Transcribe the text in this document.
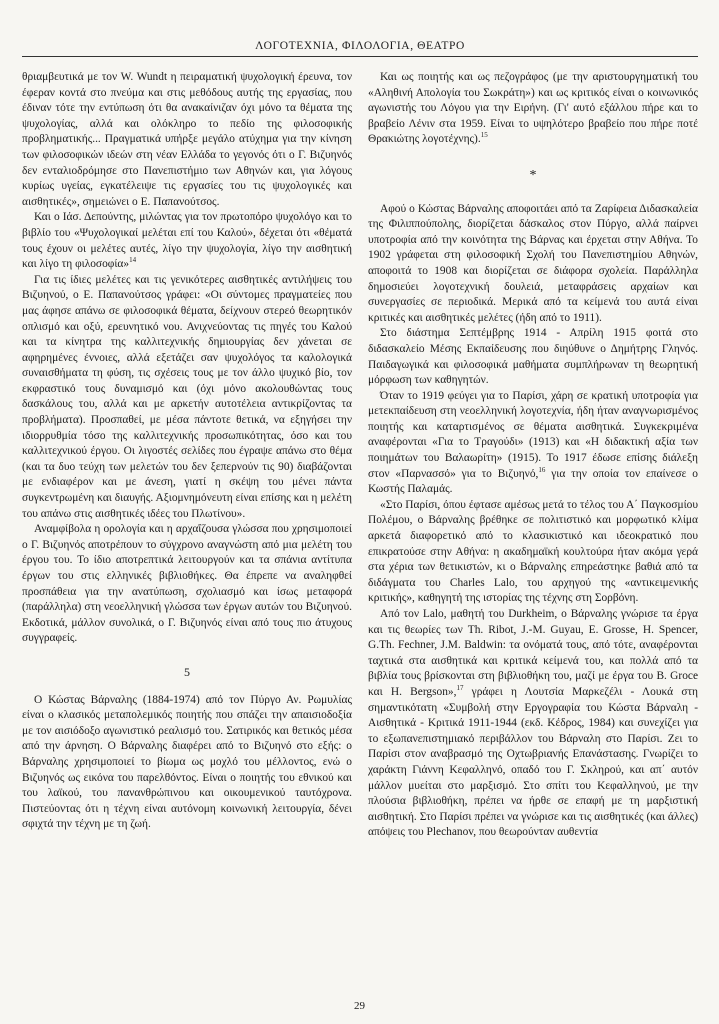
ΛΟΓΟΤΕΧΝΙΑ, ΦΙΛΟΛΟΓΙΑ, ΘΕΑΤΡΟ

θριαμβευτικά με τον W. Wundt η πειραματική ψυχολογική έρευνα, τον έφεραν κοντά στο πνεύμα και στις μεθόδους αυτής της εργασίας, που έδιναν τότε την εντύπωση ότι θα ανακαίνιζαν όχι μόνο τα θέματα της ψυχολογίας, αλλά και ολόκληρο το πεδίο της φιλοσοφικής προβληματικής... Πραγματικά υπήρξε μεγάλο ατύχημα για την κίνηση των φιλοσοφικών ιδεών στη νέαν Ελλάδα το γεγονός ότι ο Γ. Βιζυηνός δεν ενταλιοδρόμησε στο Πανεπιστήμιο των Αθηνών και, για λόγους κυρίως υγείας, εγκατέλειψε τις εργασίες του τις ψυχολογικές και αισθητικές», σημειώνει ο Ε. Παπανούτσος.

Και ο Ιάσ. Δεπούντης, μιλώντας για τον πρωτοπόρο ψυχολόγο και το βιβλίο του «Ψυχολογικαί μελέται επί του Καλού», δέχεται ότι «θέματά τους έχουν οι μελέτες αυτές, λίγο την ψυχολογία, λίγο την αισθητική και λίγο τη φιλοσοφία»$^{14}$

Για τις ίδιες μελέτες και τις γενικότερες αισθητικές αντιλήψεις του Βιζυηνού, ο Ε. Παπανούτσος γράφει: «Οι σύντομες πραγματείες που μας άφησε απάνω σε φιλοσοφικά θέματα, δείχνουν στερεό θεωρητικόν οπλισμό και οξύ, ερευνητικό νου. Ανιχνεύοντας τις πηγές του Καλού και τα κίνητρα της καλλιτεχνικής δημιουργίας δεν χάνεται σε αφηρημένες έννοιες, αλλά εξετάζει σαν ψυχολόγος τα καλολογικά συναισθήματα τη φύση, τις σχέσεις τους με τον άλλο ψυχικό βίο, τον εκφραστικό τους δυναμισμό και (όχι μόνο ακολουθώντας τους δασκάλους του, αλλά και με αρκετήν αυτοτέλεια αντικρίζοντας τα προβλήματα). Προσπαθεί, με μέσα πάντοτε θετικά, να εξηγήσει την ιδιορρυθμία τόσο της καλλιτεχνικής προσωπικότητας, όσο και του καλλιτεχνικού έργου. Οι λιγοστές σελίδες που έγραψε απάνω στο θέμα (και τα δυο τεύχη των μελετών του δεν ξεπερνούν τις 90) διαβάζονται με ενδιαφέρον και με άνεση, γιατί η σκέψη του μένει πάντα συγκεντρωμένη και διαυγής. Αξιομνημόνευτη είναι επίσης και η μελέτη του απάνω στις αισθητικές ιδέες του Πλωτίνου».

Αναμφίβολα η ορολογία και η αρχαΐζουσα γλώσσα που χρησιμοποιεί ο Γ. Βιζυηνός αποτρέπουν το σύγχρονο αναγνώστη από μια μελέτη του έργου του. Το ίδιο αποτρεπτικά λειτουργούν και τα σπάνια αντίτυπα έργων του στις ελληνικές βιβλιοθήκες. Θα έπρεπε να αναληφθεί προσπάθεια για την ανατύπωση, σχολιασμό και ίσως μεταφορά (παράλληλα) στη νεοελληνική γλώσσα των έργων αυτών του Βιζυηνού. Εκδοτικά, μάλλον συνολικά, ο Γ. Βιζυηνός είναι από τους πιο άτυχους συγγραφείς.

5

Ο Κώστας Βάρναλης (1884-1974) από τον Πύργο Αν. Ρωμυλίας είναι ο κλασικός μεταπολεμικός ποιητής που σπάζει την απαισιοδοξία με τον αισιόδοξο αγωνιστικό ρεαλισμό του. Σατιρικός και θετικός μέσα από την άρνηση. Ο Βάρναλης διαφέρει από το Βιζυηνό στο εξής: ο Βάρναλης χρησιμοποιεί το βίωμα ως μοχλό του μέλλοντος, ενώ ο Βιζυηνός ως εικόνα του παρελθόντος. Είναι ο ποιητής του εθνικού και του λαϊκού, του πανανθρώπινου και οικουμενικού ταυτόχρονα. Πιστεύοντας ότι η τέχνη είναι αυτόνομη κοινωνική λειτουργία, δένει σφιχτά την τέχνη με τη ζωή.

Και ως ποιητής και ως πεζογράφος (με την αριστουργηματική του «Αληθινή Απολογία του Σωκράτη») και ως κριτικός είναι ο κοινωνικός αγωνιστής του Λόγου για την Ειρήνη. (Γι' αυτό εξάλλου πήρε και το βραβείο Λένιν στα 1959. Είναι το υψηλότερο βραβείο που πήρε ποτέ Θρακιώτης λογοτέχνης).$^{15}$

*

Αφού ο Κώστας Βάρναλης αποφοιτάει από τα Ζαρίφεια Διδασκαλεία της Φιλιππούπολης, διορίζεται δάσκαλος στον Πύργο, αλλά παίρνει υποτροφία από την κοινότητα της Βάρνας και έρχεται στην Αθήνα. Το 1902 γράφεται στη φιλοσοφική Σχολή του Πανεπιστημίου Αθηνών, αποφοιτά το 1908 και διορίζεται σε διάφορα σχολεία. Παράλληλα δημοσιεύει λογοτεχνική δουλειά, μεταφράσεις αρχαίων και συνεργασίες σε περιοδικά. Μερικά από τα κείμενά του αυτά είναι κριτικές και αισθητικές μελέτες (ήδη από το 1911).

Στο διάστημα Σεπτέμβρης 1914 - Απρίλη 1915 φοιτά στο διδασκαλείο Μέσης Εκπαίδευσης που διηύθυνε ο Δημήτρης Γληνός. Παιδαγωγικά και φιλοσοφικά μαθήματα συμπλήρωναν τη θεωρητική μόρφωση των καθηγητών.

Όταν το 1919 φεύγει για το Παρίσι, χάρη σε κρατική υποτροφία για μετεκπαίδευση στη νεοελληνική λογοτεχνία, ήδη ήταν αναγνωρισμένος ποιητής και καταρτισμένος σε θέματα αισθητικά. Συγκεκριμένα αναφέρονται «Για το Τραγούδι» (1913) και «Η διδακτική αξία των ποιημάτων του Βαλαωρίτη» (1915). Το 1917 έδωσε επίσης διάλεξη στον «Παρνασσό» για το Βιζυηνό,$^{16}$ για την οποία τον επαίνεσε ο Κωστής Παλαμάς.

«Στο Παρίσι, όπου έφτασε αμέσως μετά το τέλος του Α΄ Παγκοσμίου Πολέμου, ο Βάρναλης βρέθηκε σε πολιτιστικό και μορφωτικό κλίμα αρκετά διαφορετικό από το κλασικιστικό και ιδεοκρατικό που επικρατούσε στην Αθήνα: η ακαδημαϊκή κουλτούρα ήταν ακόμα γερά στα χέρια των θετικιστών, κι ο Βάρναλης επηρεάστηκε βαθιά από τα διδάγματα του Charles Lalo, του αρχηγού της «αντικειμενικής κριτικής», καθηγητή της ιστορίας της τέχνης στη Σορβόνη.

Από τον Lalo, μαθητή του Durkheim, ο Βάρναλης γνώρισε τα έργα και τις θεωρίες των Th. Ribot, J.-M. Guyau, E. Grosse, H. Spencer, G.Th. Fechner, J.M. Baldwin: τα ονόματά τους, από τότε, αναφέρονται ταχτικά στα αισθητικά και κριτικά κείμενά του, και πολλά από τα βιβλία τους βρίσκονται στη βιβλιοθήκη του, μαζί με έργα του B. Groce και H. Bergson»,$^{17}$ γράφει η Λουτσία Μαρκεζέλι - Λουκά στη σημαντικότατη «Συμβολή στην Εργογραφία του Κώστα Βάρναλη - Αισθητικά - Κριτικά 1911-1944 (εκδ. Κέδρος, 1984) και συνεχίζει για το εξωπανεπιστημιακό περιβάλλον του Βάρναλη στο Παρίσι. Ζει το Παρίσι στον αναβρασμό της Οχτωβριανής Επανάστασης. Γνωρίζει το χαράκτη Γιάννη Κεφαλληνό, οπαδό του Γ. Σκληρού, και απ΄ αυτόν μάλλον μυείται στο μαρξισμό. Στο σπίτι του Κεφαλληνού, με την πλούσια βιβλιοθήκη, πρέπει να ήρθε σε επαφή με τη μαρξιστική αισθητική. Στο Παρίσι πρέπει να γνώρισε και τις αισθητικές (και άλλες) απόψεις του Plechanov, που θεωρούνταν αυθεντία

29
